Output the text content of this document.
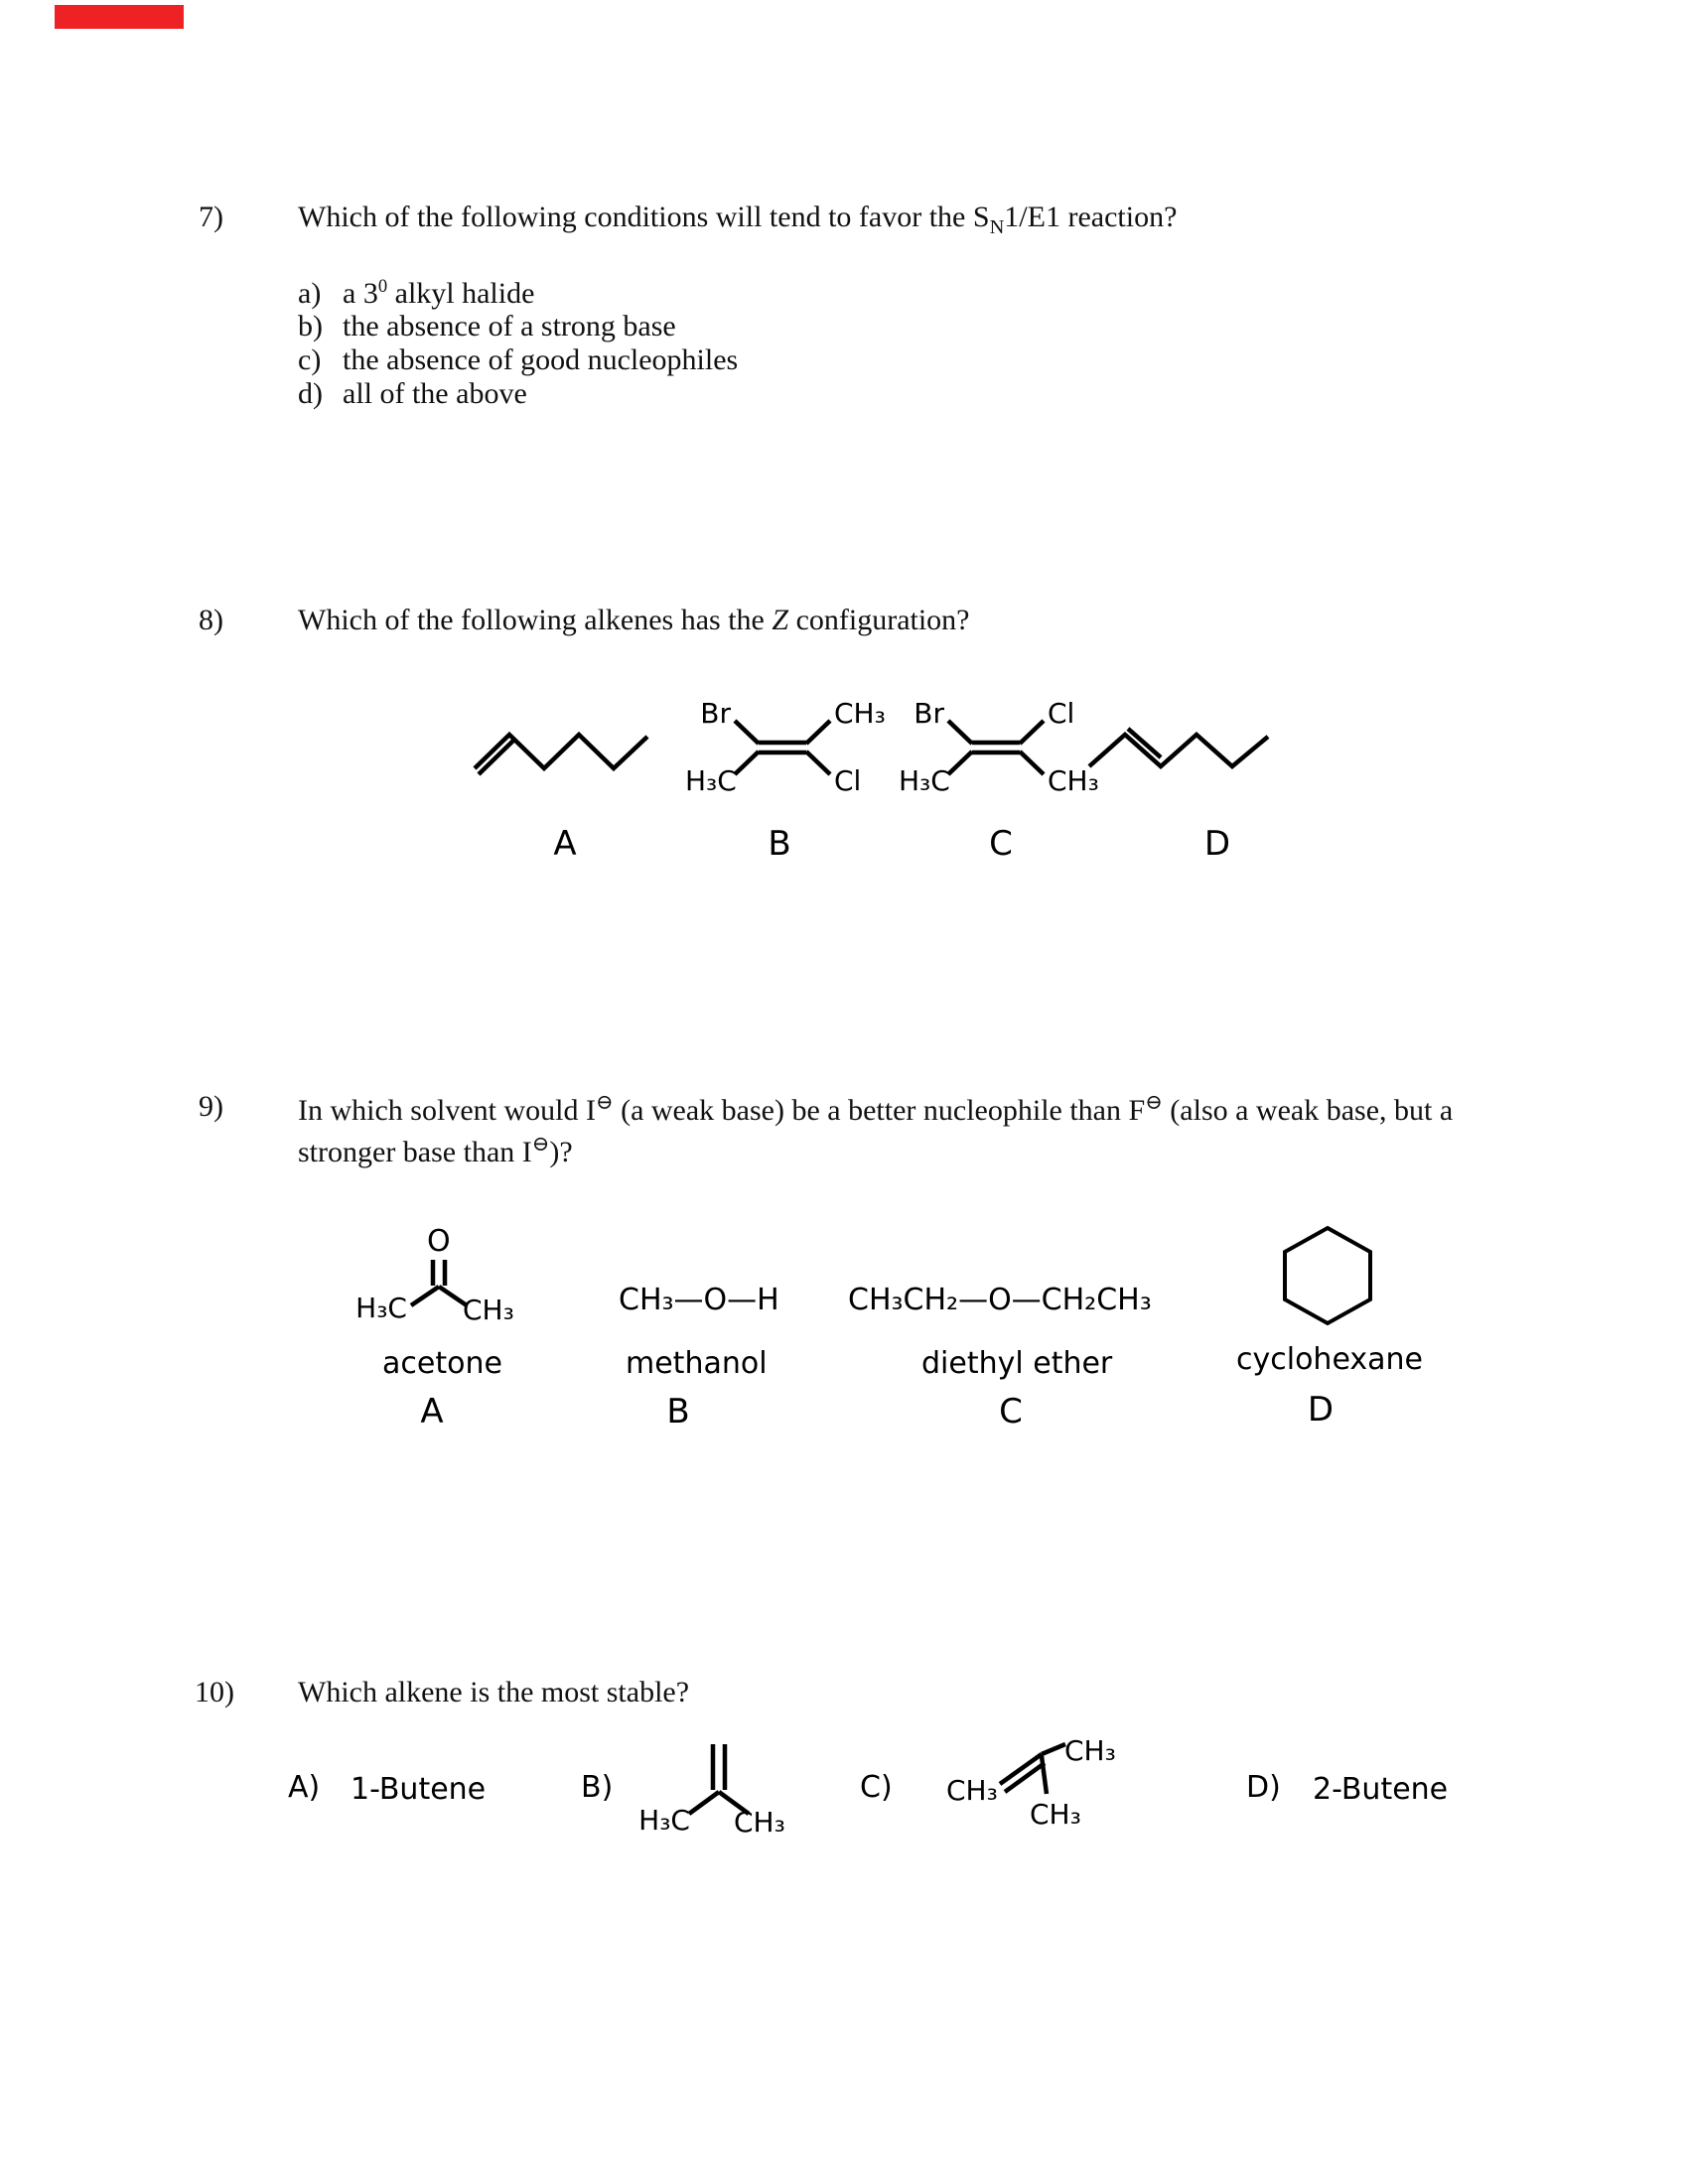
7)	Which of the following conditions will tend to favor the $S_N1/E1$ reaction?
a) a $3^0$ alkyl halide
b) the absence of a strong base
c) the absence of good nucleophiles
d) all of the above
8)	Which of the following alkenes has the Z configuration?
Br	CH₃
H₃C	Cl
Br	Cl
H₃C	CH₃
A	B	C	D
9)	In which solvent would I⊖ (a weak base) be a better nucleophile than F⊖ (also a weak base, but a
stronger base than I⊖)?
O
H₃C CH₃	CH₃—O—H CH₃CH₂—O—CH₂CH₃
acetone	methanol	diethyl ether	cyclohexane
A	B	C	D
10) Which alkene is the most stable?
A) 1-Butene	B)
H₃C CH₃
C) CH₃
CH₃
CH₃
D) 2-Butene
